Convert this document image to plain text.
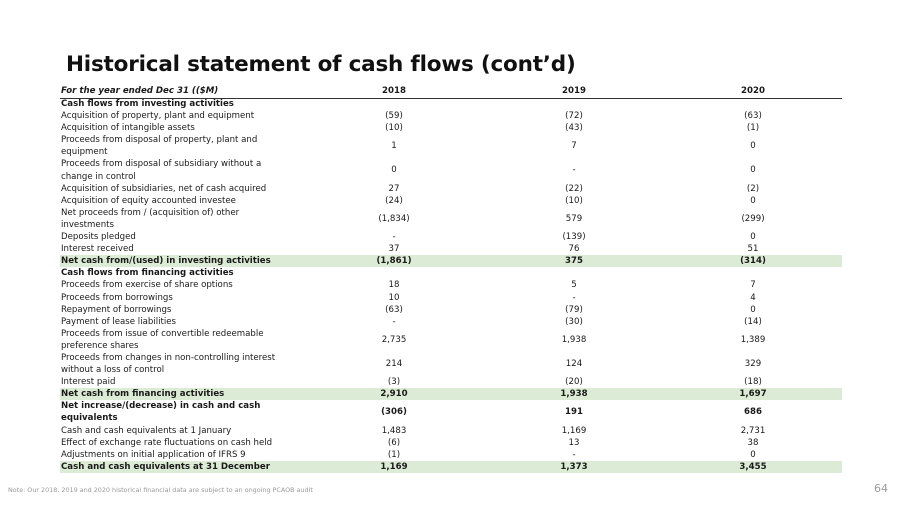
Historical statement of cash flows (cont’d)
For the year ended Dec 31 (($M)	2018	2019	2020
Cash flows from investing activities
Acquisition of property, plant and equipment	(59)	(72)	(63)
Acquisition of intangible assets	(10)	(43)	(1)
Proceeds from disposal of property, plant and equipment
1	7	0
Proceeds from disposal of subsidiary without a change in control
0	-	0
Acquisition of subsidiaries, net of cash acquired	27	(22)	(2)
Acquisition of equity accounted investee	(24)	(10)	0
Net proceeds from / (acquisition of) other investments
(1,834)	579	(299)
Deposits pledged	-	(139)	0
Interest received	37	76	51
Net cash from/(used) in investing activities	(1,861)	375	(314)
Cash flows from financing activities
Proceeds from exercise of share options	18	5	7
Proceeds from borrowings	10	-	4
Repayment of borrowings	(63)	(79)	0
Payment of lease liabilities	-	(30)	(14)
Proceeds from issue of convertible redeemable preference shares
2,735	1,938	1,389
Proceeds from changes in non-controlling interest without a loss of control
214	124	329
Interest paid	(3)	(20)	(18)
Net cash from financing activities	2,910	1,938	1,697
Net increase/(decrease) in cash and cash equivalents
(306)	191	686
Cash and cash equivalents at 1 January	1,483	1,169	2,731
Effect of exchange rate fluctuations on cash held	(6)	13	38
Adjustments on initial application of IFRS 9	(1)	-	0
Cash and cash equivalents at 31 December	1,169	1,373	3,455
Note: Our 2018, 2019 and 2020 historical financial data are subject to an ongoing PCAOB audit	64
